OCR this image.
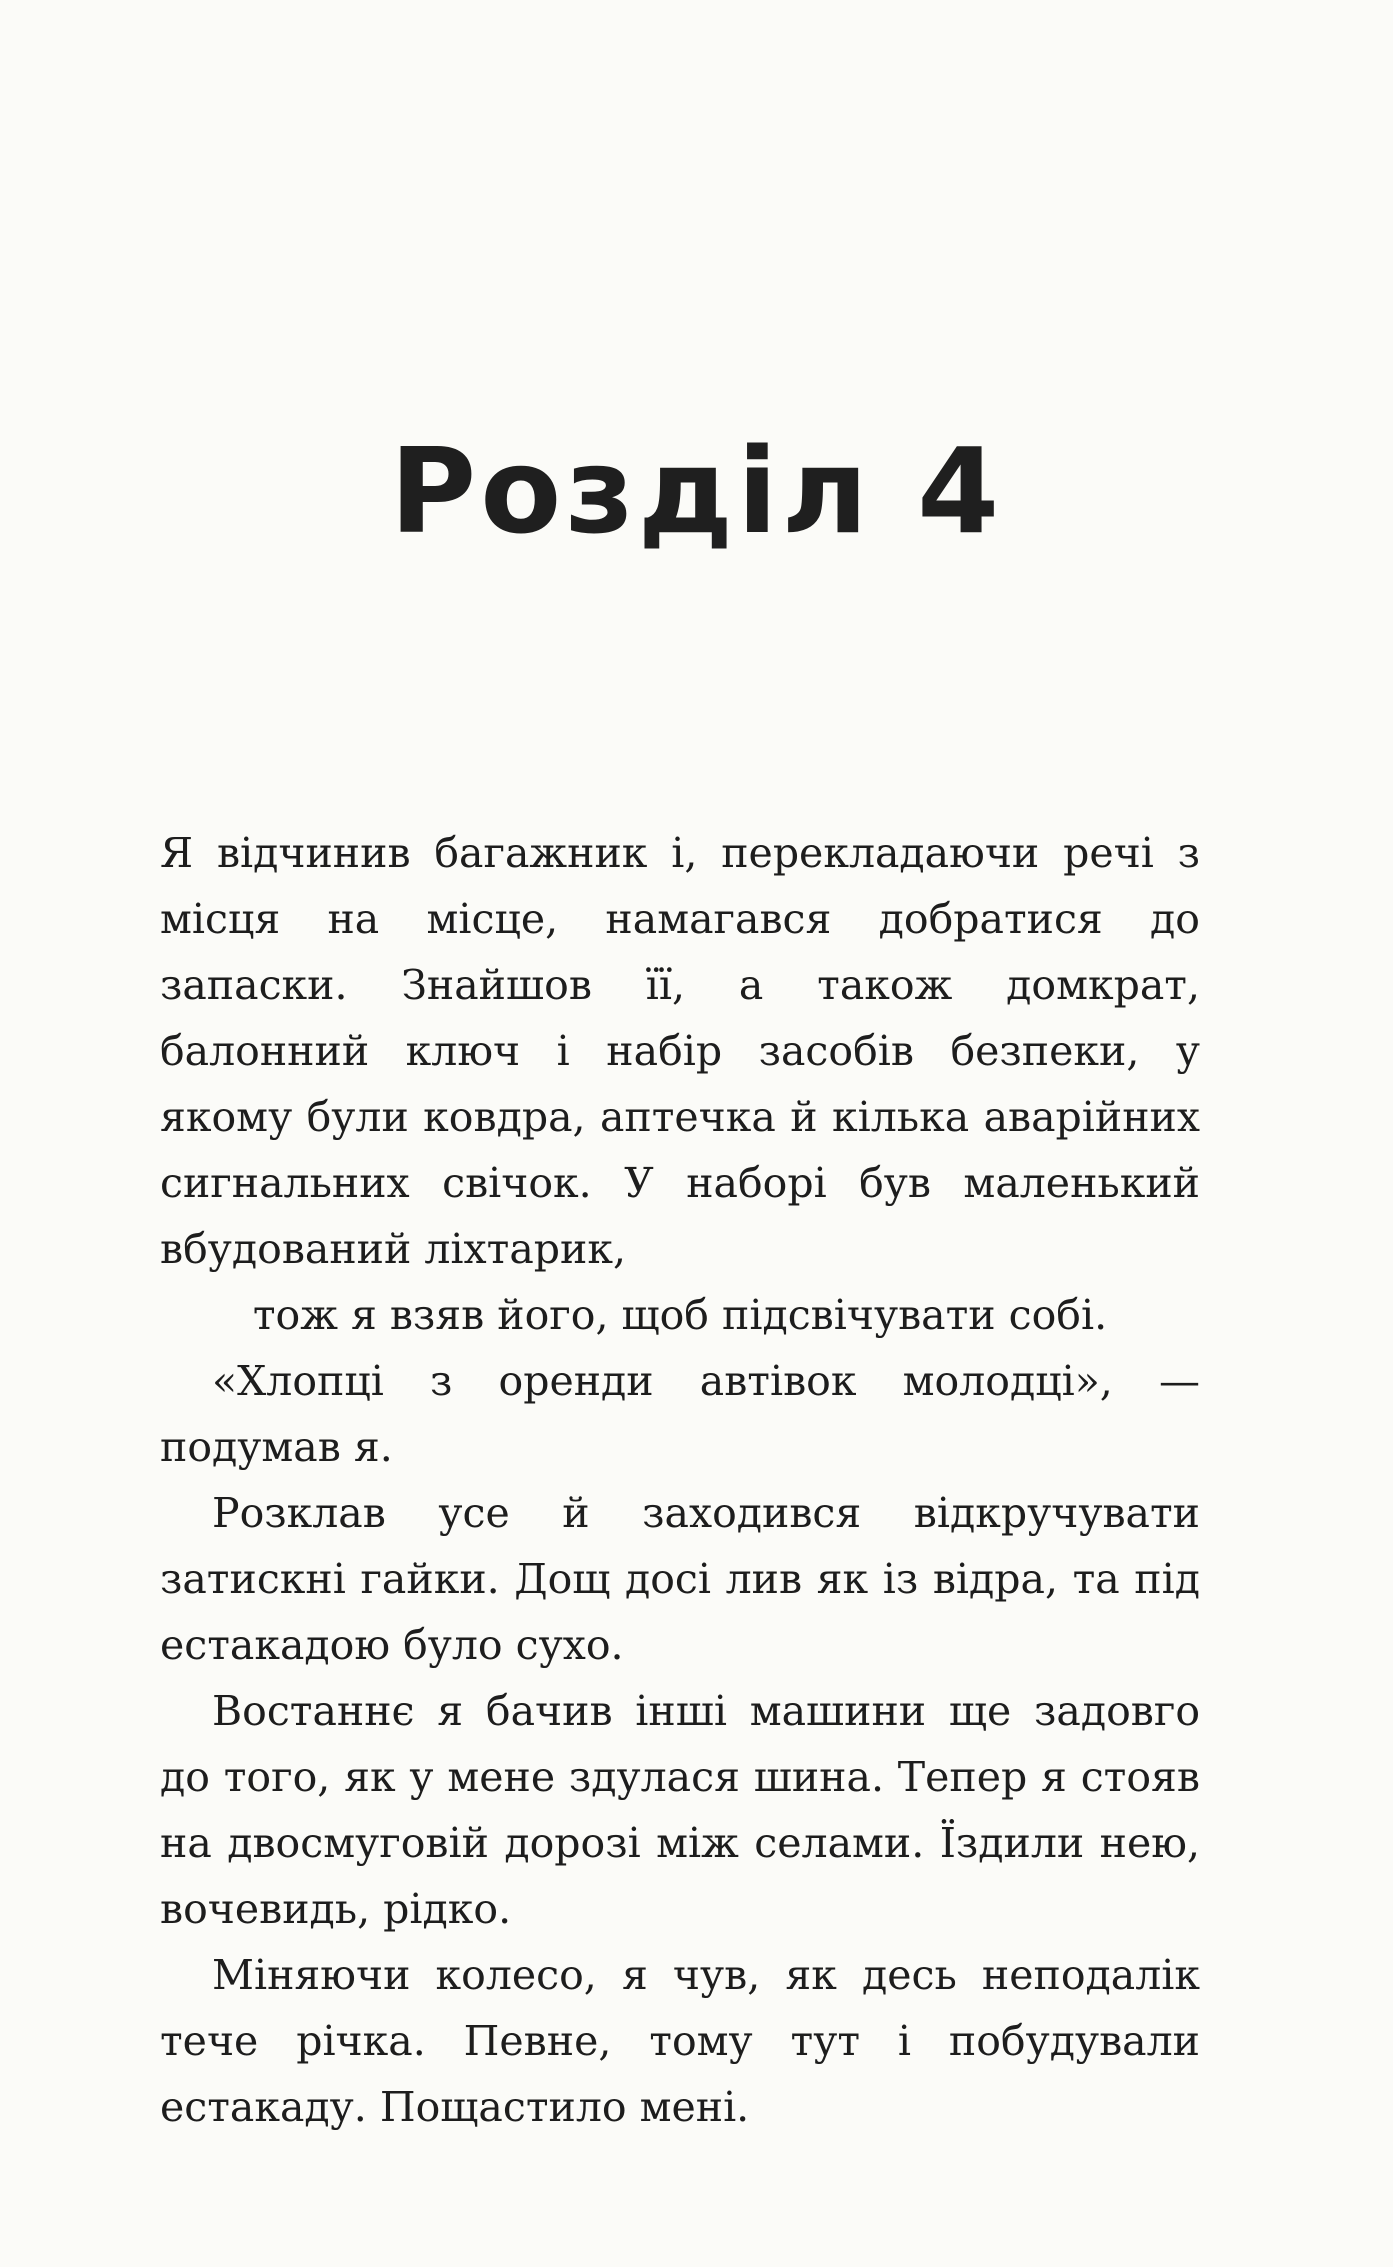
Розділ 4

Я відчинив багажник і, перекладаючи речі з місця на місце, намагався добратися до запаски. Знайшов її, а також домкрат, балонний ключ і набір засобів безпеки, у якому були ковдра, аптечка й кілька аварійних сигнальних свічок. У наборі був маленький вбудований ліхтарик,

тож я взяв його, щоб підсвічувати собі.

«Хлопці з оренди автівок молодці», — подумав я.

Розклав усе й заходився відкручувати затискні гайки. Дощ досі лив як із відра, та під естакадою було сухо.

Востаннє я бачив інші машини ще задовго до того, як у мене здулася шина. Тепер я стояв на двосмуговій дорозі між селами. Їздили нею, вочевидь, рідко.

Міняючи колесо, я чув, як десь неподалік тече річка. Певне, тому тут і побудували естакаду. Пощастило мені.
